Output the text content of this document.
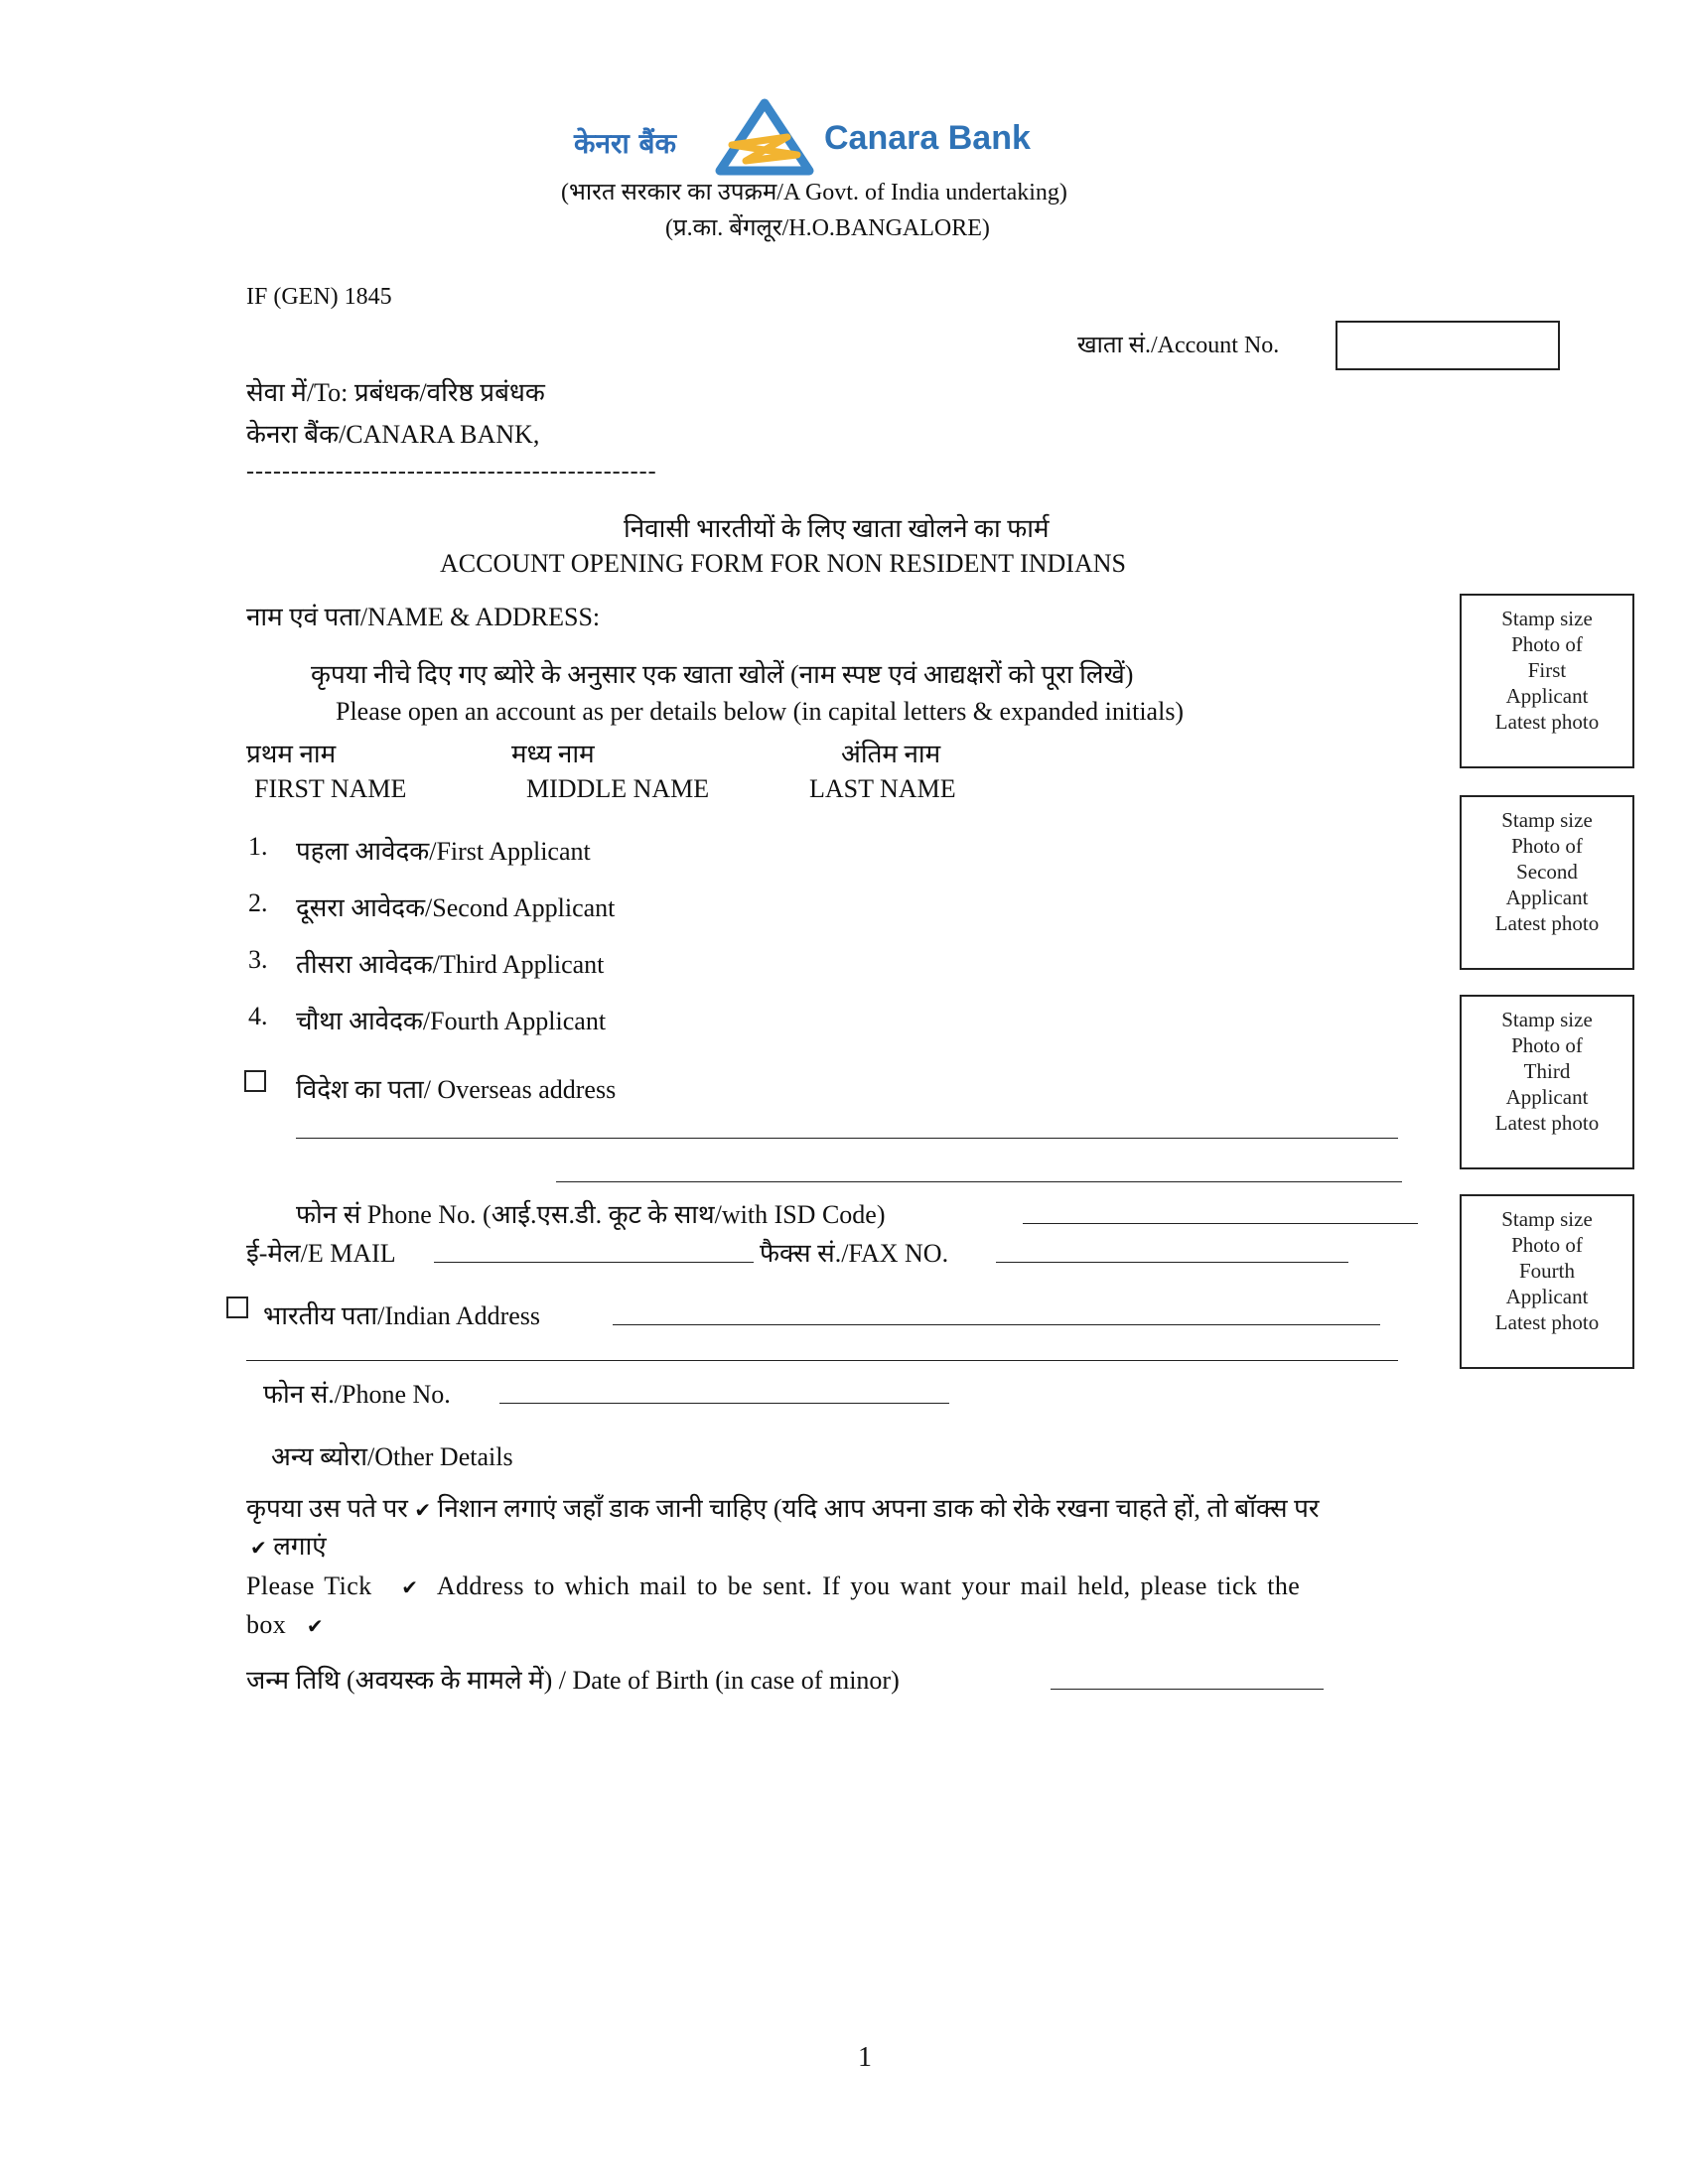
केनरा बैंक	Canara Bank
(भारत सरकार का उपक्रम/A Govt. of India undertaking)
(प्र.का. बेंगलूर/H.O.BANGALORE)
IF (GEN) 1845
खाता सं./Account No.
सेवा में/To: प्रबंधक/वरिष्ठ प्रबंधक
केनरा बैंक/CANARA BANK,
----------------------------------------------
निवासी भारतीयों के लिए खाता खोलने का फार्म
ACCOUNT OPENING FORM FOR NON RESIDENT INDIANS
नाम एवं पता/NAME & ADDRESS:
कृपया नीचे दिए गए ब्योरे के अनुसार एक खाता खोलें (नाम स्पष्ट एवं आद्यक्षरों को पूरा लिखें)
Please open an account as per details below (in capital letters & expanded initials)
प्रथम नाम	मध्य नाम	अंतिम नाम
FIRST NAME	MIDDLE NAME	LAST NAME
1. पहला आवेदक/First Applicant
2. दूसरा आवेदक/Second Applicant
3. तीसरा आवेदक/Third Applicant
4. चौथा आवेदक/Fourth Applicant
Stamp size
Photo of
First
Applicant
Latest photo
Stamp size
Photo of
Second
Applicant
Latest photo
Stamp size
Photo of
Third
Applicant
Latest photo
Stamp size
Photo of
Fourth
Applicant
Latest photo
विदेश का पता/ Overseas address
फोन सं Phone No. (आई.एस.डी. कूट के साथ/with ISD Code)
ई-मेल/E MAIL	फैक्स सं./FAX NO.
भारतीय पता/Indian Address
फोन सं./Phone No.
अन्य ब्योरा/Other Details
कृपया उस पते पर ✔ निशान लगाएं जहाँ डाक जानी चाहिए (यदि आप अपना डाक को रोके रखना चाहते हों, तो बॉक्स पर
✔ लगाएं
Please Tick ✔ Address to which mail to be sent. If you want your mail held, please tick the
box ✔
जन्म तिथि (अवयस्क के मामले में) / Date of Birth (in case of minor)
1
